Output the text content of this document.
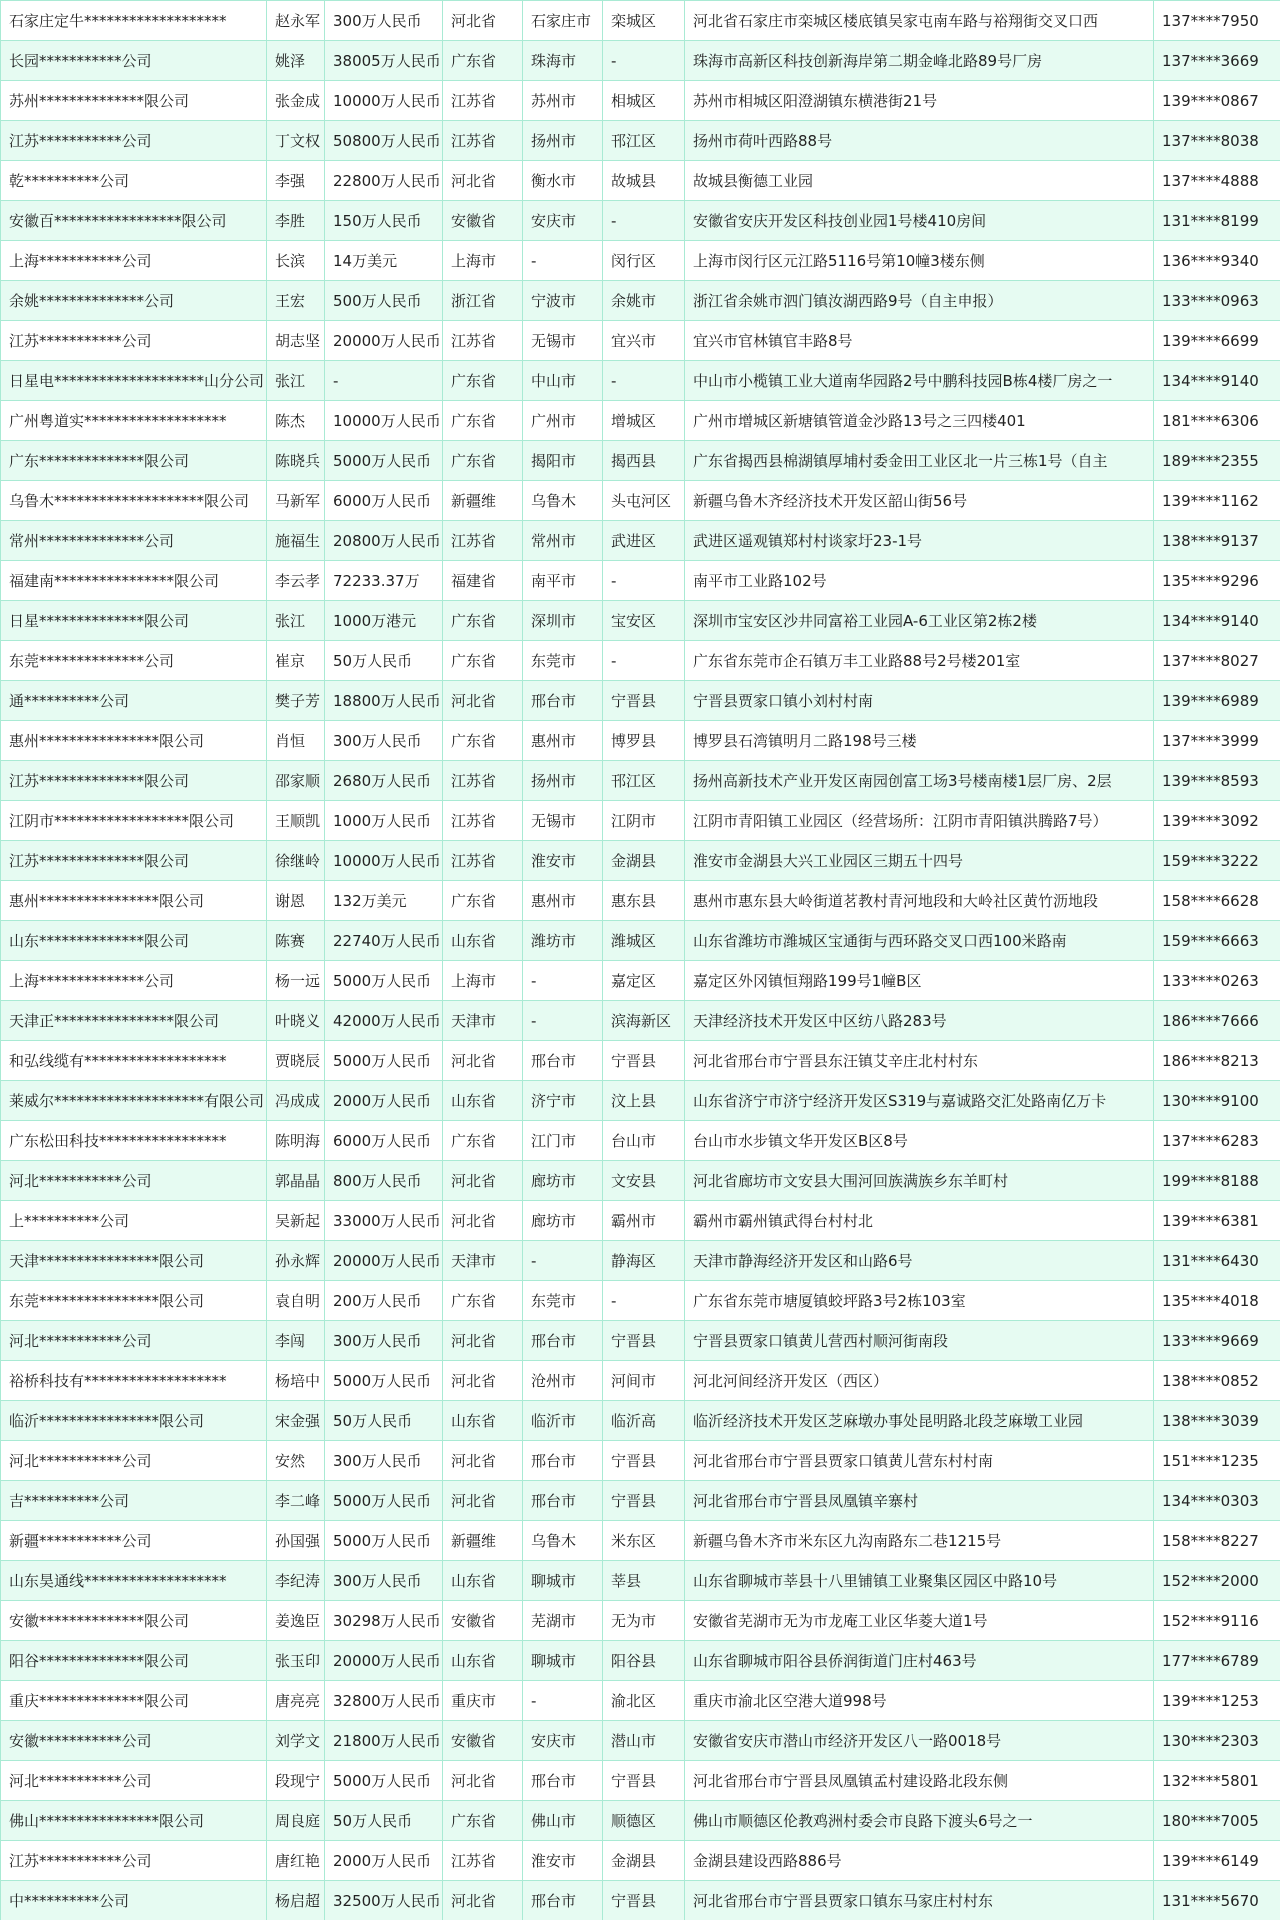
石家庄定牛*******************	赵永军	300万人民币	河北省	石家庄市	栾城区	河北省石家庄市栾城区楼底镇吴家屯南车路与裕翔街交叉口西	137****7950
长园***********公司	姚泽	38005万人民币	广东省	珠海市	-	珠海市高新区科技创新海岸第二期金峰北路89号厂房	137****3669
苏州**************限公司	张金成	10000万人民币	江苏省	苏州市	相城区	苏州市相城区阳澄湖镇东横港街21号	139****0867
江苏***********公司	丁文权	50800万人民币	江苏省	扬州市	邗江区	扬州市荷叶西路88号	137****8038
乾**********公司	李强	22800万人民币	河北省	衡水市	故城县	故城县衡德工业园	137****4888
安徽百*****************限公司	李胜	150万人民币	安徽省	安庆市	-	安徽省安庆开发区科技创业园1号楼410房间	131****8199
上海***********公司	长滨	14万美元	上海市	-	闵行区	上海市闵行区元江路5116号第10幢3楼东侧	136****9340
余姚**************公司	王宏	500万人民币	浙江省	宁波市	余姚市	浙江省余姚市泗门镇汝湖西路9号（自主申报）	133****0963
江苏***********公司	胡志坚	20000万人民币	江苏省	无锡市	宜兴市	宜兴市官林镇官丰路8号	139****6699
日星电********************山分公司	张江	-	广东省	中山市	-	中山市小榄镇工业大道南华园路2号中鹏科技园B栋4楼厂房之一	134****9140
广州粤道实*******************	陈杰	10000万人民币	广东省	广州市	增城区	广州市增城区新塘镇管道金沙路13号之三四楼401	181****6306
广东**************限公司	陈晓兵	5000万人民币	广东省	揭阳市	揭西县	广东省揭西县棉湖镇厚埔村委金田工业区北一片三栋1号（自主	189****2355
乌鲁木********************限公司	马新军	6000万人民币	新疆维	乌鲁木	头屯河区	新疆乌鲁木齐经济技术开发区韶山街56号	139****1162
常州**************公司	施福生	20800万人民币	江苏省	常州市	武进区	武进区遥观镇郑村村谈家圩23-1号	138****9137
福建南****************限公司	李云孝	72233.37万	福建省	南平市	-	南平市工业路102号	135****9296
日星**************限公司	张江	1000万港元	广东省	深圳市	宝安区	深圳市宝安区沙井同富裕工业园A-6工业区第2栋2楼	134****9140
东莞**************公司	崔京	50万人民币	广东省	东莞市	-	广东省东莞市企石镇万丰工业路88号2号楼201室	137****8027
通**********公司	樊子芳	18800万人民币	河北省	邢台市	宁晋县	宁晋县贾家口镇小刘村村南	139****6989
惠州****************限公司	肖恒	300万人民币	广东省	惠州市	博罗县	博罗县石湾镇明月二路198号三楼	137****3999
江苏**************限公司	邵家顺	2680万人民币	江苏省	扬州市	邗江区	扬州高新技术产业开发区南园创富工场3号楼南楼1层厂房、2层	139****8593
江阴市******************限公司	王顺凯	1000万人民币	江苏省	无锡市	江阴市	江阴市青阳镇工业园区（经营场所：江阴市青阳镇洪腾路7号）	139****3092
江苏**************限公司	徐继岭	10000万人民币	江苏省	淮安市	金湖县	淮安市金湖县大兴工业园区三期五十四号	159****3222
惠州****************限公司	谢恩	132万美元	广东省	惠州市	惠东县	惠州市惠东县大岭街道茗教村青河地段和大岭社区黄竹沥地段	158****6628
山东**************限公司	陈赛	22740万人民币	山东省	潍坊市	潍城区	山东省潍坊市潍城区宝通街与西环路交叉口西100米路南	159****6663
上海**************公司	杨一远	5000万人民币	上海市	-	嘉定区	嘉定区外冈镇恒翔路199号1幢B区	133****0263
天津正****************限公司	叶晓义	42000万人民币	天津市	-	滨海新区	天津经济技术开发区中区纺八路283号	186****7666
和弘线缆有*******************	贾晓辰	5000万人民币	河北省	邢台市	宁晋县	河北省邢台市宁晋县东汪镇艾辛庄北村村东	186****8213
莱威尔********************有限公司	冯成成	2000万人民币	山东省	济宁市	汶上县	山东省济宁市济宁经济开发区S319与嘉诚路交汇处路南亿万卡	130****9100
广东松田科技*****************	陈明海	6000万人民币	广东省	江门市	台山市	台山市水步镇文华开发区B区8号	137****6283
河北***********公司	郭晶晶	800万人民币	河北省	廊坊市	文安县	河北省廊坊市文安县大围河回族满族乡东羊町村	199****8188
上**********公司	吴新起	33000万人民币	河北省	廊坊市	霸州市	霸州市霸州镇武得台村村北	139****6381
天津****************限公司	孙永辉	20000万人民币	天津市	-	静海区	天津市静海经济开发区和山路6号	131****6430
东莞****************限公司	袁自明	200万人民币	广东省	东莞市	-	广东省东莞市塘厦镇蛟坪路3号2栋103室	135****4018
河北***********公司	李闯	300万人民币	河北省	邢台市	宁晋县	宁晋县贾家口镇黄儿营西村顺河街南段	133****9669
裕桥科技有*******************	杨培中	5000万人民币	河北省	沧州市	河间市	河北河间经济开发区（西区）	138****0852
临沂****************限公司	宋金强	50万人民币	山东省	临沂市	临沂高	临沂经济技术开发区芝麻墩办事处昆明路北段芝麻墩工业园	138****3039
河北***********公司	安然	300万人民币	河北省	邢台市	宁晋县	河北省邢台市宁晋县贾家口镇黄儿营东村村南	151****1235
吉**********公司	李二峰	5000万人民币	河北省	邢台市	宁晋县	河北省邢台市宁晋县凤凰镇辛寨村	134****0303
新疆***********公司	孙国强	5000万人民币	新疆维	乌鲁木	米东区	新疆乌鲁木齐市米东区九沟南路东二巷1215号	158****8227
山东昊通线*******************	李纪涛	300万人民币	山东省	聊城市	莘县	山东省聊城市莘县十八里铺镇工业聚集区园区中路10号	152****2000
安徽**************限公司	姜逸臣	30298万人民币	安徽省	芜湖市	无为市	安徽省芜湖市无为市龙庵工业区华菱大道1号	152****9116
阳谷**************限公司	张玉印	20000万人民币	山东省	聊城市	阳谷县	山东省聊城市阳谷县侨润街道门庄村463号	177****6789
重庆**************限公司	唐亮亮	32800万人民币	重庆市	-	渝北区	重庆市渝北区空港大道998号	139****1253
安徽***********公司	刘学文	21800万人民币	安徽省	安庆市	潜山市	安徽省安庆市潜山市经济开发区八一路0018号	130****2303
河北***********公司	段现宁	5000万人民币	河北省	邢台市	宁晋县	河北省邢台市宁晋县凤凰镇孟村建设路北段东侧	132****5801
佛山****************限公司	周良庭	50万人民币	广东省	佛山市	顺德区	佛山市顺德区伦教鸡洲村委会市良路下渡头6号之一	180****7005
江苏***********公司	唐红艳	2000万人民币	江苏省	淮安市	金湖县	金湖县建设西路886号	139****6149
中**********公司	杨启超	32500万人民币	河北省	邢台市	宁晋县	河北省邢台市宁晋县贾家口镇东马家庄村村东	131****5670
